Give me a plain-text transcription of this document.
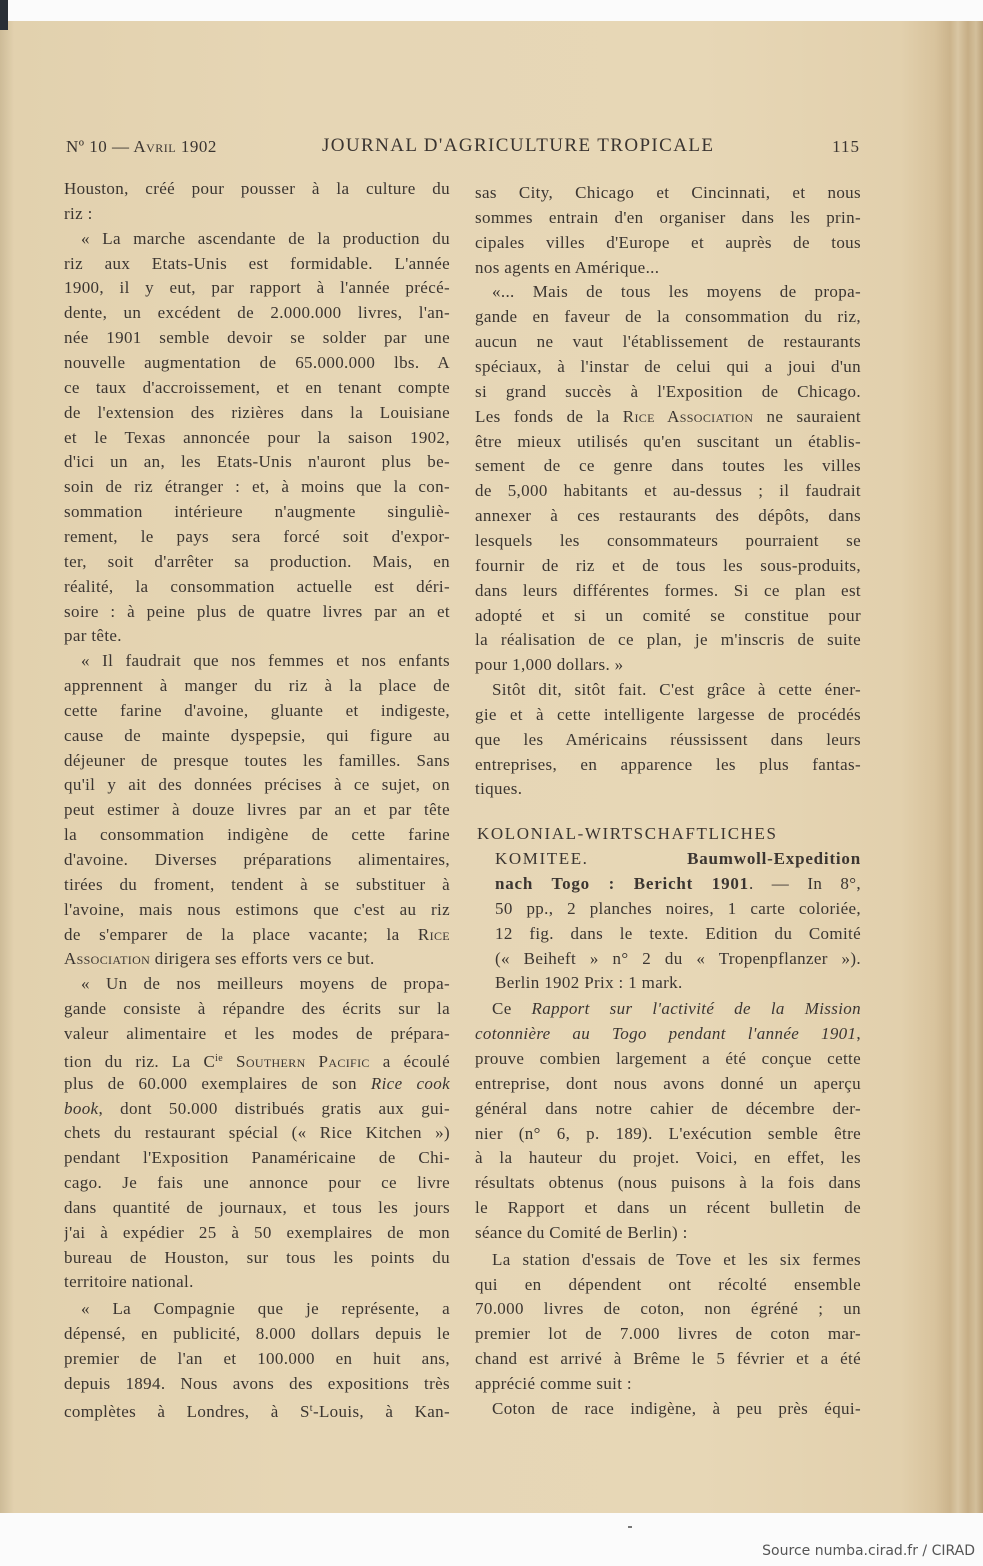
Nº 10 — Avril 1902	JOURNAL D'AGRICULTURE TROPICALE	115
Houston, créé pour pousser à la culture du
riz :
« La marche ascendante de la production du
riz aux Etats-Unis est formidable. L'année
1900, il y eut, par rapport à l'année précé-
dente, un excédent de 2.000.000 livres, l'an-
née 1901 semble devoir se solder par une
nouvelle augmentation de 65.000.000 lbs. A
ce taux d'accroissement, et en tenant compte
de l'extension des rizières dans la Louisiane
et le Texas annoncée pour la saison 1902,
d'ici un an, les Etats-Unis n'auront plus be-
soin de riz étranger : et, à moins que la con-
sommation intérieure n'augmente singuliè-
rement, le pays sera forcé soit d'expor-
ter, soit d'arrêter sa production. Mais, en
réalité, la consommation actuelle est déri-
soire : à peine plus de quatre livres par an et
par tête.
« Il faudrait que nos femmes et nos enfants
apprennent à manger du riz à la place de
cette farine d'avoine, gluante et indigeste,
cause de mainte dyspepsie, qui figure au
déjeuner de presque toutes les familles. Sans
qu'il y ait des données précises à ce sujet, on
peut estimer à douze livres par an et par tête
la consommation indigène de cette farine
d'avoine. Diverses préparations alimentaires,
tirées du froment, tendent à se substituer à
l'avoine, mais nous estimons que c'est au riz
de s'emparer de la place vacante; la Rice
Association dirigera ses efforts vers ce but.
« Un de nos meilleurs moyens de propa-
gande consiste à répandre des écrits sur la
valeur alimentaire et les modes de prépara-
tion du riz. La $C^{ie}$ Southern Pacific a écoulé
plus de 60.000 exemplaires de son Rice cook
book, dont 50.000 distribués gratis aux gui-
chets du restaurant spécial (« Rice Kitchen »)
pendant l'Exposition Panaméricaine de Chi-
cago. Je fais une annonce pour ce livre
dans quantité de journaux, et tous les jours
j'ai à expédier 25 à 50 exemplaires de mon
bureau de Houston, sur tous les points du
territoire national.
« La Compagnie que je représente, a
dépensé, en publicité, 8.000 dollars depuis le
premier de l'an et 100.000 en huit ans,
depuis 1894. Nous avons des expositions très
complètes à Londres, à $S^t$-Louis, à Kan-
sas City, Chicago et Cincinnati, et nous
sommes entrain d'en organiser dans les prin-
cipales villes d'Europe et auprès de tous
nos agents en Amérique...
«... Mais de tous les moyens de propa-
gande en faveur de la consommation du riz,
aucun ne vaut l'établissement de restaurants
spéciaux, à l'instar de celui qui a joui d'un
si grand succès à l'Exposition de Chicago.
Les fonds de la Rice Association ne sauraient
être mieux utilisés qu'en suscitant un établis-
sement de ce genre dans toutes les villes
de 5,000 habitants et au-dessus ; il faudrait
annexer à ces restaurants des dépôts, dans
lesquels les consommateurs pourraient se
fournir de riz et de tous les sous-produits,
dans leurs différentes formes. Si ce plan est
adopté et si un comité se constitue pour
la réalisation de ce plan, je m'inscris de suite
pour 1,000 dollars. »
Sitôt dit, sitôt fait. C'est grâce à cette éner-
gie et à cette intelligente largesse de procédés
que les Américains réussissent dans leurs
entreprises, en apparence les plus fantas-
tiques.
KOLONIAL-WIRTSCHAFTLICHES
KOMITEE.	Baumwoll-Expedition
nach Togo : Bericht 1901. — In 8°,
50 pp., 2 planches noires, 1 carte coloriée,
12 fig. dans le texte. Edition du Comité
(« Beiheft » n° 2 du « Tropenpflanzer »).
Berlin 1902 Prix : 1 mark.
Ce Rapport sur l'activité de la Mission
cotonnière au Togo pendant l'année 1901,
prouve combien largement a été conçue cette
entreprise, dont nous avons donné un aperçu
général dans notre cahier de décembre der-
nier (n° 6, p. 189). L'exécution semble être
à la hauteur du projet. Voici, en effet, les
résultats obtenus (nous puisons à la fois dans
le Rapport et dans un récent bulletin de
séance du Comité de Berlin) :
La station d'essais de Tove et les six fermes
qui en dépendent ont récolté ensemble
70.000 livres de coton, non égréné ; un
premier lot de 7.000 livres de coton mar-
chand est arrivé à Brême le 5 février et a été
apprécié comme suit :
Coton de race indigène, à peu près équi-
Source numba.cirad.fr / CIRAD
